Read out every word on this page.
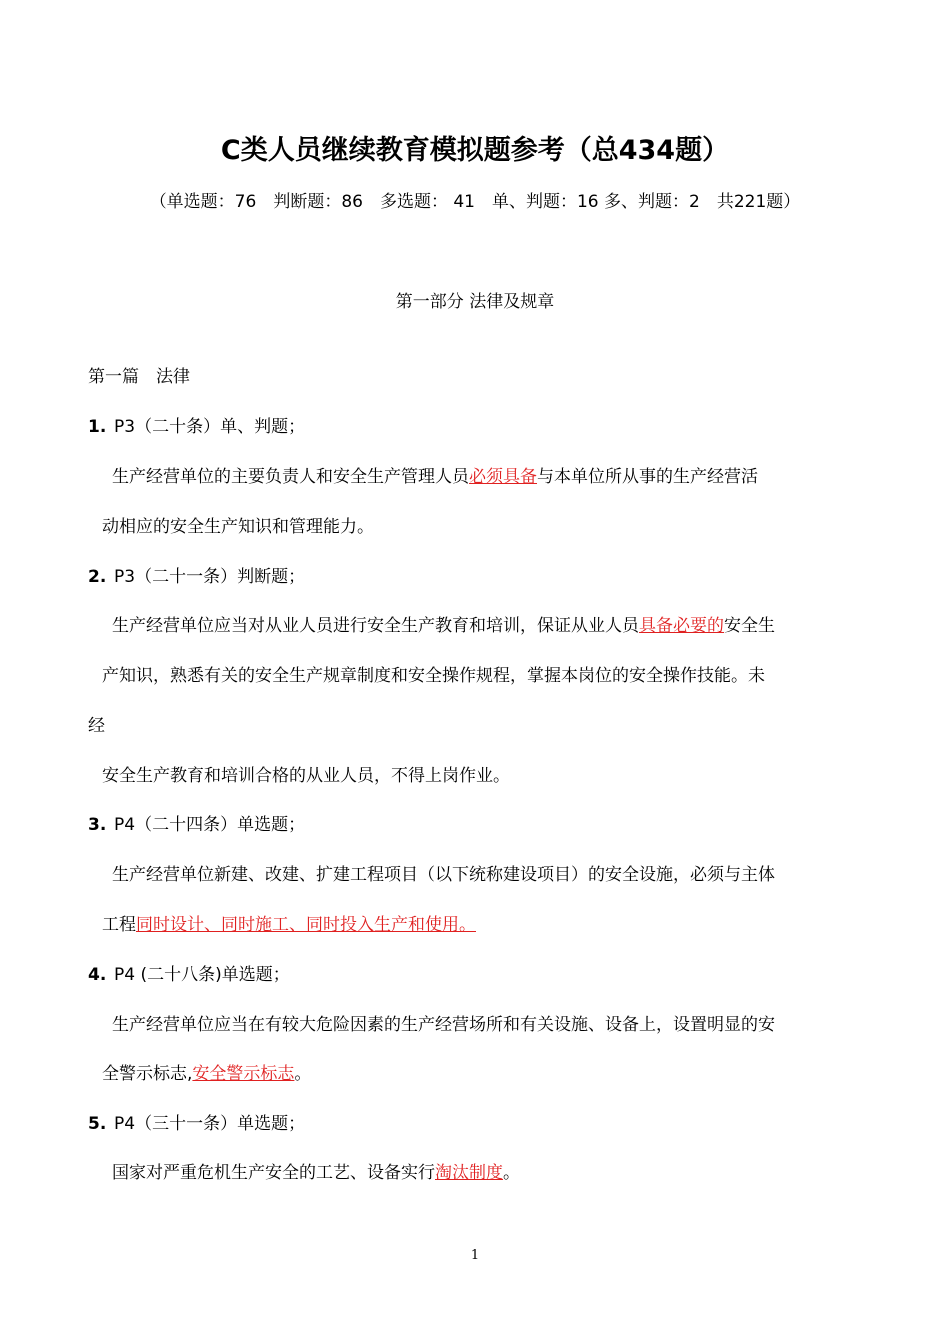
C类人员继续教育模拟题参考（总434题）
（单选题：76　判断题：86　多选题： 41　单、判题：16 多、判题：2　共221题）
第一部分 法律及规章
第一篇　法律
1. P3（二十条）单、判题；
生产经营单位的主要负责人和安全生产管理人员必须具备与本单位所从事的生产经营活
动相应的安全生产知识和管理能力。
2. P3（二十一条）判断题；
生产经营单位应当对从业人员进行安全生产教育和培训，保证从业人员具备必要的安全生
产知识，熟悉有关的安全生产规章制度和安全操作规程，掌握本岗位的安全操作技能。未
经
安全生产教育和培训合格的从业人员，不得上岗作业。
3. P4（二十四条）单选题；
生产经营单位新建、改建、扩建工程项目（以下统称建设项目）的安全设施，必须与主体
工程同时设计、同时施工、同时投入生产和使用。
4. P4 (二十八条)单选题；
生产经营单位应当在有较大危险因素的生产经营场所和有关设施、设备上，设置明显的安
全警示标志,安全警示标志。
5. P4（三十一条）单选题；
国家对严重危机生产安全的工艺、设备实行淘汰制度。
1
